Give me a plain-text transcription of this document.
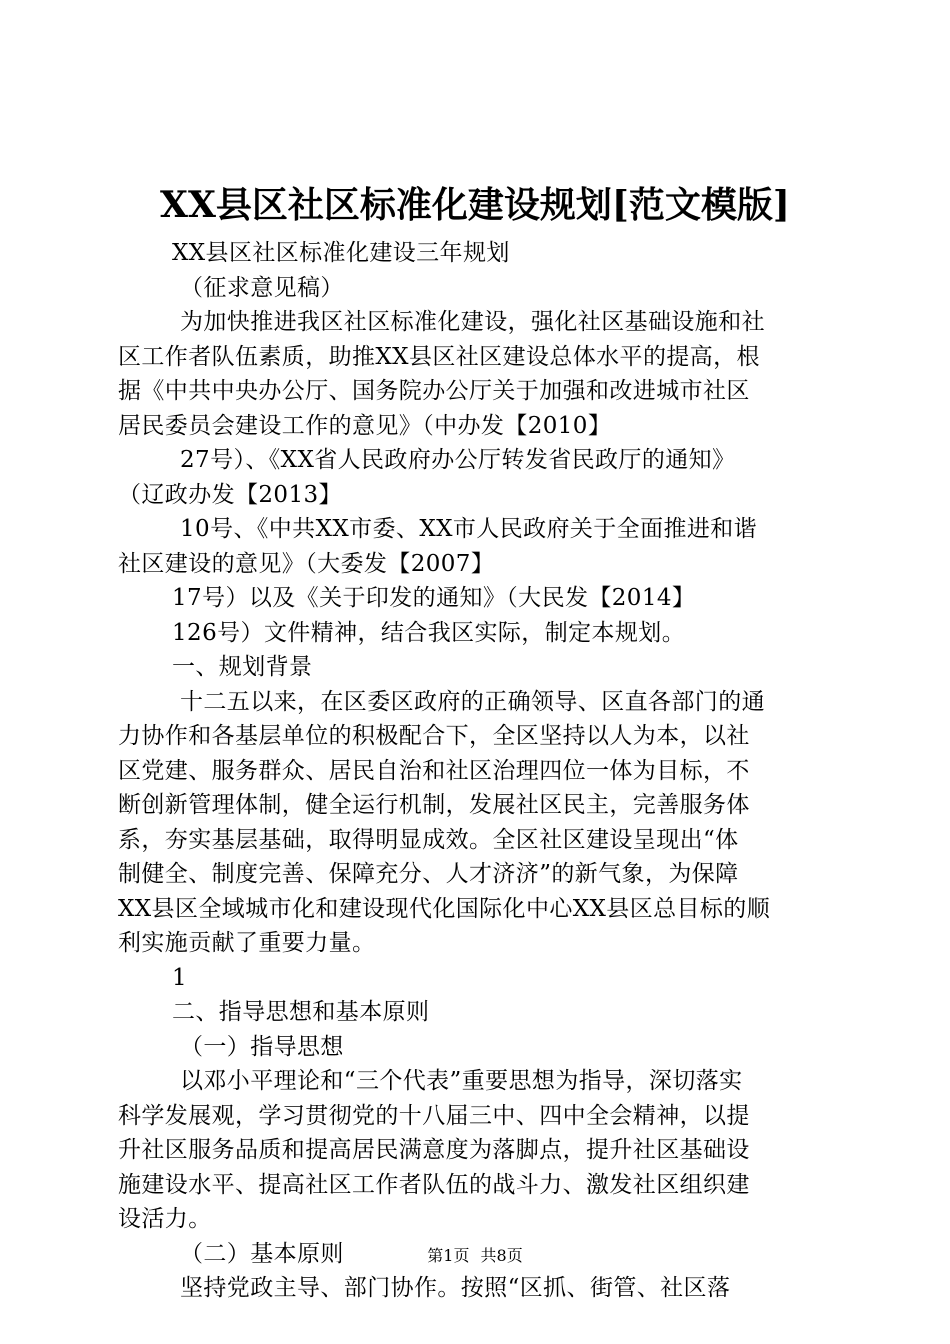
XX县区社区标准化建设规划[范文模版]
XX县区社区标准化建设三年规划
（征求意见稿）
为加快推进我区社区标准化建设，强化社区基础设施和社
区工作者队伍素质，助推XX县区社区建设总体水平的提高，根
据《中共中央办公厅、国务院办公厅关于加强和改进城市社区
居民委员会建设工作的意见》（中办发【2010】
27号）、《XX省人民政府办公厅转发省民政厅的通知》
（辽政办发【2013】
10号、《中共XX市委、XX市人民政府关于全面推进和谐
社区建设的意见》（大委发【2007】
17号）以及《关于印发的通知》（大民发【2014】
126号）文件精神，结合我区实际，制定本规划。
一、规划背景
十二五以来，在区委区政府的正确领导、区直各部门的通
力协作和各基层单位的积极配合下，全区坚持以人为本，以社
区党建、服务群众、居民自治和社区治理四位一体为目标，不
断创新管理体制，健全运行机制，发展社区民主，完善服务体
系，夯实基层基础，取得明显成效。全区社区建设呈现出“体
制健全、制度完善、保障充分、人才济济”的新气象，为保障
XX县区全域城市化和建设现代化国际化中心XX县区总目标的顺
利实施贡献了重要力量。
1
二、指导思想和基本原则
（一）指导思想
以邓小平理论和“三个代表”重要思想为指导，深切落实
科学发展观，学习贯彻党的十八届三中、四中全会精神，以提
升社区服务品质和提高居民满意度为落脚点，提升社区基础设
施建设水平、提高社区工作者队伍的战斗力、激发社区组织建
设活力。
（二）基本原则
坚持党政主导、部门协作。按照“区抓、街管、社区落
第1页 共8页
